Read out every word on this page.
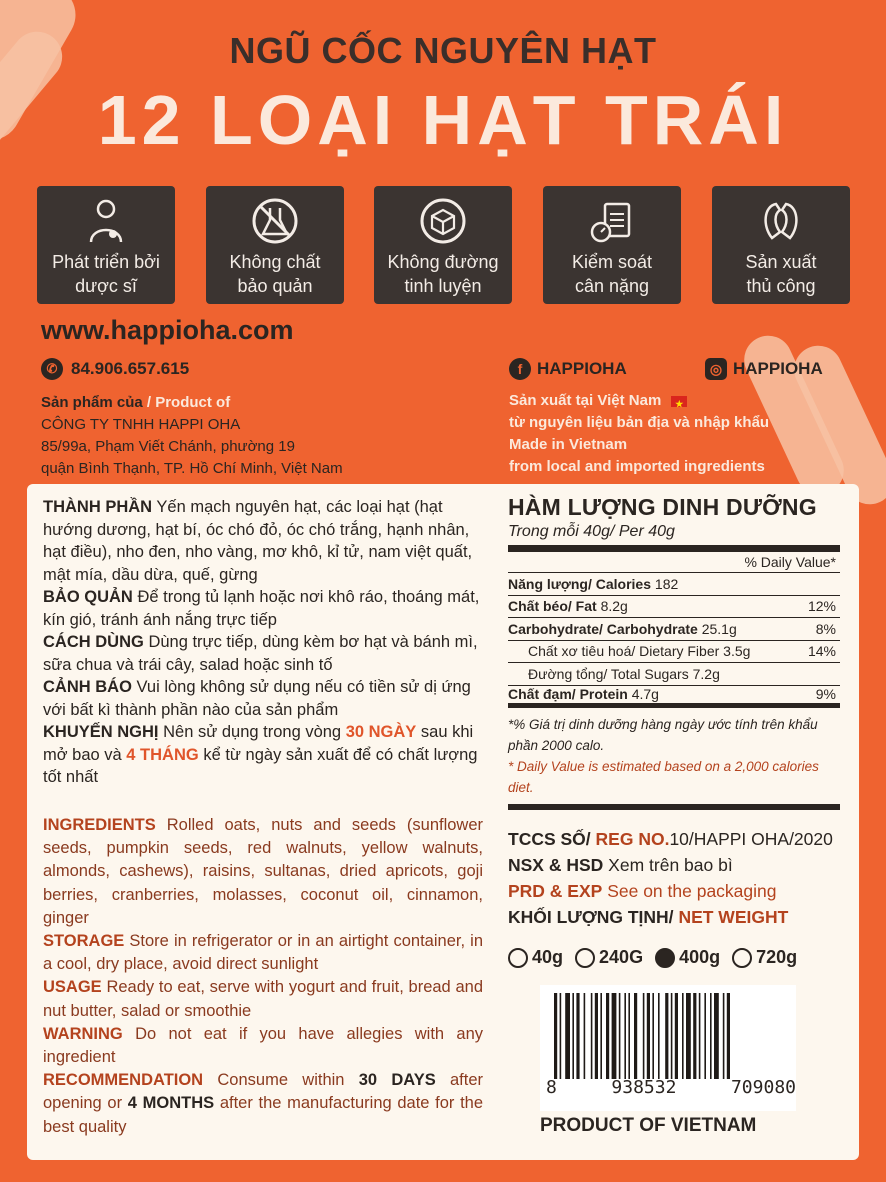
NGŨ CỐC NGUYÊN HẠT
12 LOẠI HẠT TRÁI
Phát triển bởi
dược sĩ
Không chất
bảo quản
Không đường
tinh luyện
Kiểm soát
cân nặng
Sản xuất
thủ công
www.happioha.com
✆ 84.906.657.615
Sản phẩm của / Product of
CÔNG TY TNHH HAPPI OHA
85/99a, Phạm Viết Chánh, phường 19
quận Bình Thạnh, TP. Hồ Chí Minh, Việt Nam
f HAPPIOHA	◎ HAPPIOHA
Sản xuất tại Việt Nam★
từ nguyên liệu bản địa và nhập khẩu
Made in Vietnam
from local and imported ingredients

THÀNH PHẦN Yến mạch nguyên hạt, các loại hạt (hạt hướng dương, hạt bí, óc chó đỏ, óc chó trắng, hạnh nhân, hạt điều), nho đen, nho vàng, mơ khô, kỉ tử, nam việt quất, mật mía, dầu dừa, quế, gừng

BẢO QUẢN Để trong tủ lạnh hoặc nơi khô ráo, thoáng mát, kín gió, tránh ánh nắng trực tiếp

CÁCH DÙNG Dùng trực tiếp, dùng kèm bơ hạt và bánh mì, sữa chua và trái cây, salad hoặc sinh tố

CẢNH BÁO Vui lòng không sử dụng nếu có tiền sử dị ứng với bất kì thành phần nào của sản phẩm

KHUYẾN NGHỊ Nên sử dụng trong vòng 30 NGÀY sau khi mở bao và 4 THÁNG kể từ ngày sản xuất để có chất lượng tốt nhất

INGREDIENTS Rolled oats, nuts and seeds (sunflower seeds, pumpkin seeds, red walnuts, yellow walnuts, almonds, cashews), raisins, sultanas, dried apricots, goji berries, cranberries, molasses, coconut oil, cinnamon, ginger

STORAGE Store in refrigerator or in an airtight container, in a cool, dry place, avoid direct sunlight

USAGE Ready to eat, serve with yogurt and fruit, bread and nut butter, salad or smoothie

WARNING Do not eat if you have allegies with any ingredient

RECOMMENDATION Consume within 30 DAYS after opening or 4 MONTHS after the manufacturing date for the best quality

HÀM LƯỢNG DINH DƯỠNG
Trong mỗi 40g/ Per 40g
% Daily Value*
Năng lượng/ Calories 182
Chất béo/ Fat 8.2g	12%
Carbohydrate/ Carbohydrate 25.1g	8%
Chất xơ tiêu hoá/ Dietary Fiber 3.5g	14%
Đường tổng/ Total Sugars 7.2g
Chất đạm/ Protein 4.7g	9%
*% Giá trị dinh dưỡng hàng ngày ước tính trên khẩu phần 2000 calo.
* Daily Value is estimated based on a 2,000 calories diet.
TCCS SỐ/ REG NO.10/HAPPI OHA/2020
NSX & HSD Xem trên bao bì
PRD & EXP See on the packaging
KHỐI LƯỢNG TỊNH/ NET WEIGHT
40g 240G 400g 720g
8	938532	709080
PRODUCT OF VIETNAM
